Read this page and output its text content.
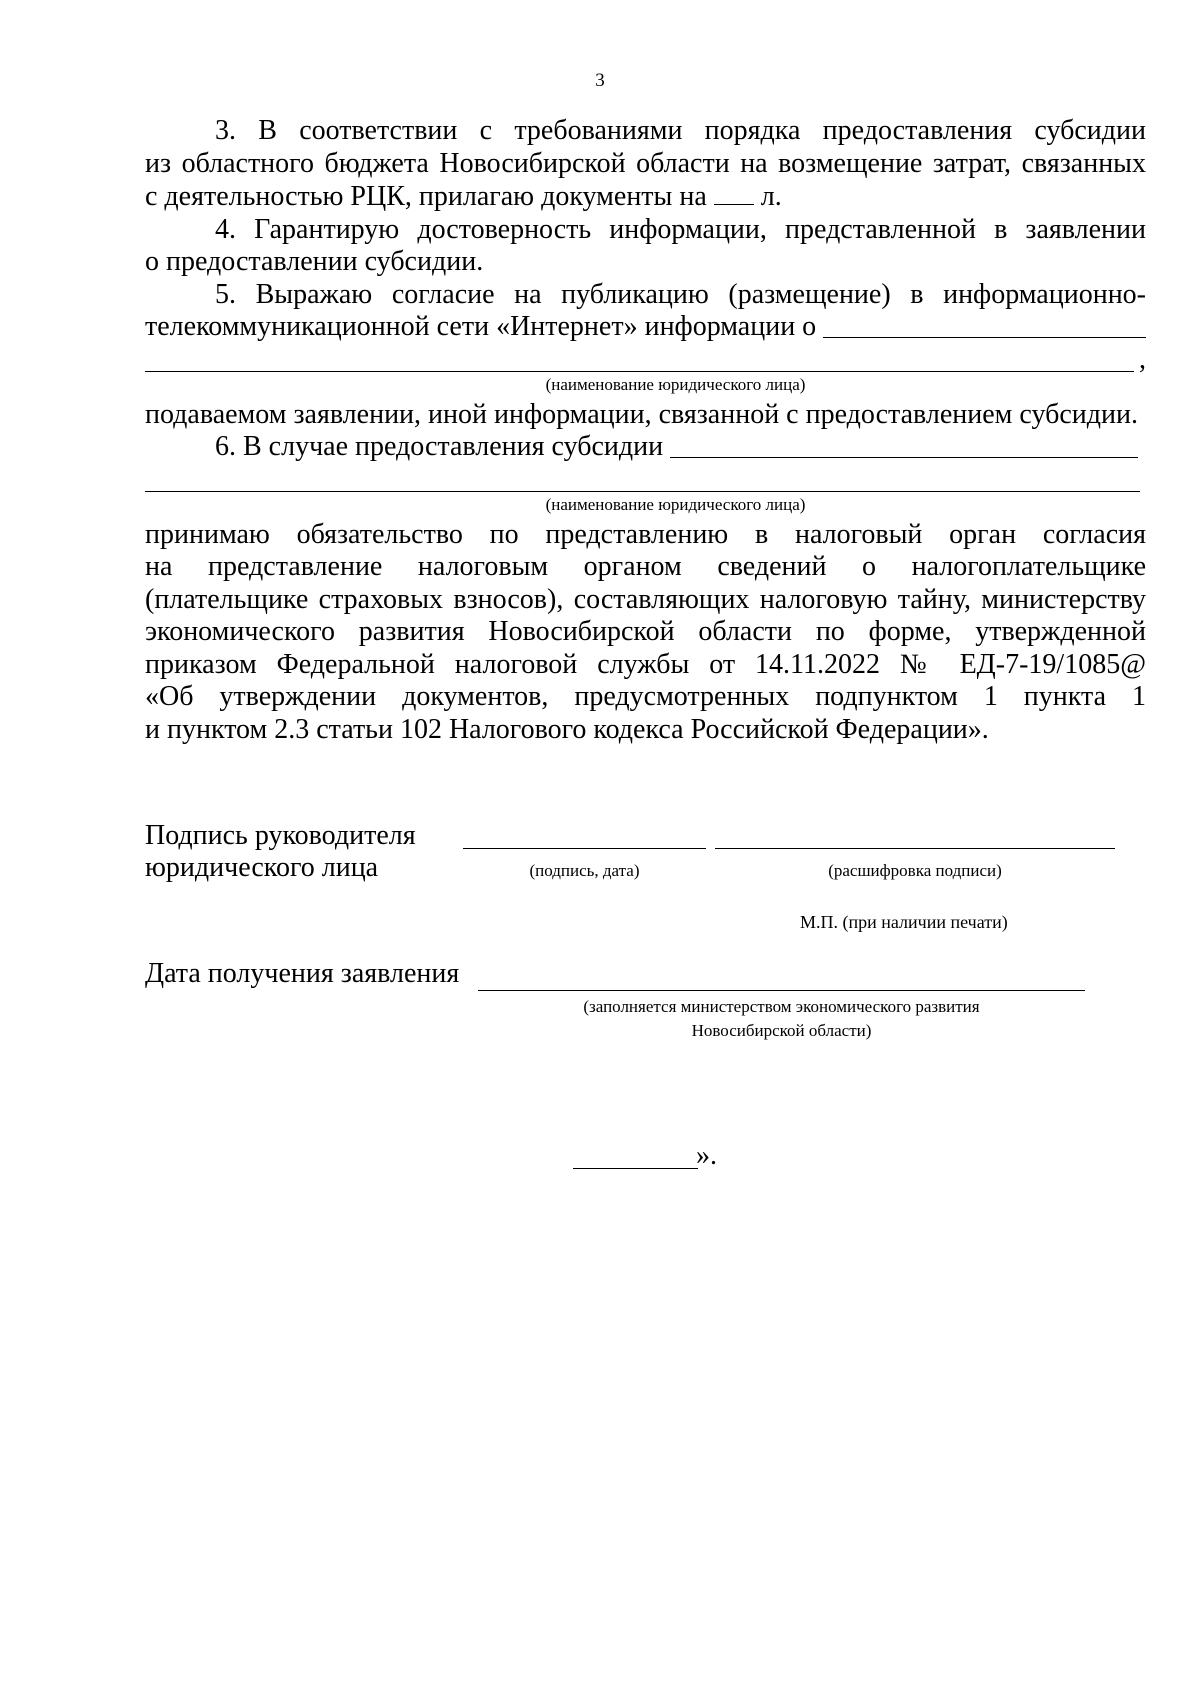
3

3. В соответствии с требованиями порядка предоставления субсидии

из областного бюджета Новосибирской области на возмещение затрат, связанных

с деятельностью РЦК, прилагаю документы на  л.

4. Гарантирую достоверность информации, представленной в заявлении

о предоставлении субсидии.

5. Выражаю согласие на публикацию (размещение) в информационно-

телекоммуникационной сети «Интернет» информации о

,
(наименование юридического лица)

подаваемом заявлении, иной информации, связанной с предоставлением субсидии.

6. В случае предоставления субсидии

(наименование юридического лица)

принимаю обязательство по представлению в налоговый орган согласия

на представление налоговым органом сведений о налогоплательщике

(плательщике страховых взносов), составляющих налоговую тайну, министерству

экономического развития Новосибирской области по форме, утвержденной

приказом Федеральной налоговой службы от 14.11.2022 № ЕД-7-19/1085@

«Об утверждении документов, предусмотренных подпунктом 1 пункта 1

и пунктом 2.3 статьи 102 Налогового кодекса Российской Федерации».

Подпись руководителя
юридического лица	(подпись, дата)	(расшифровка подписи)
М.П. (при наличии печати)
Дата получения заявления
(заполняется министерством экономического развития
Новосибирской области)
».
